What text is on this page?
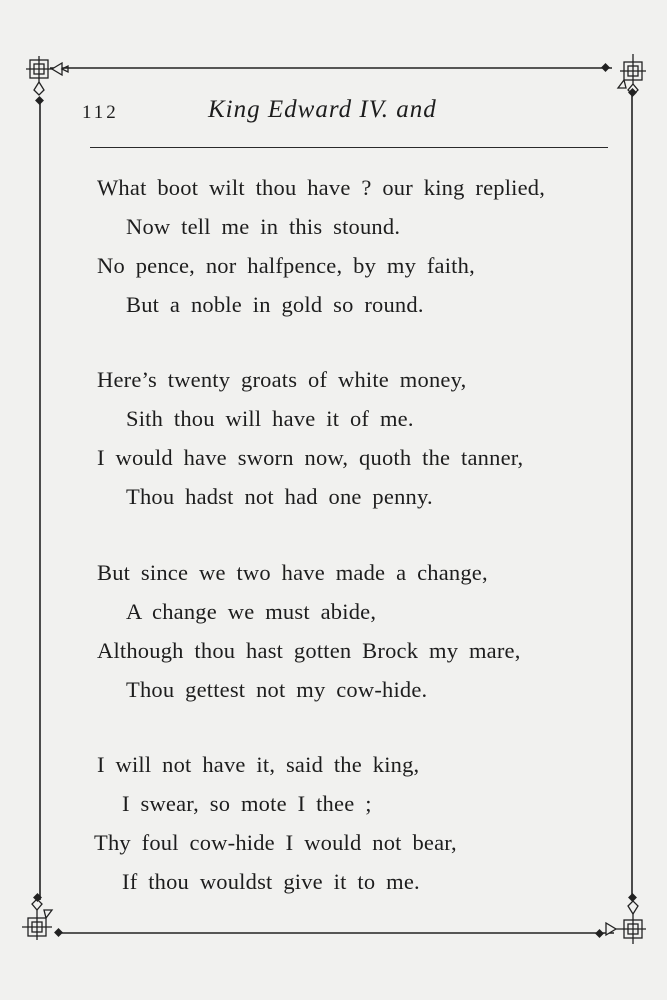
112	King Edward IV. and
What boot wilt thou have ? our king replied,
Now tell me in this stound.
No pence, nor halfpence, by my faith,
But a noble in gold so round.
Here’s twenty groats of white money,
Sith thou will have it of me.
I would have sworn now, quoth the tanner,
Thou hadst not had one penny.
But since we two have made a change,
A change we must abide,
Although thou hast gotten Brock my mare,
Thou gettest not my cow-hide.
I will not have it, said the king,
I swear, so mote I thee ;
Thy foul cow-hide I would not bear,
If thou wouldst give it to me.
